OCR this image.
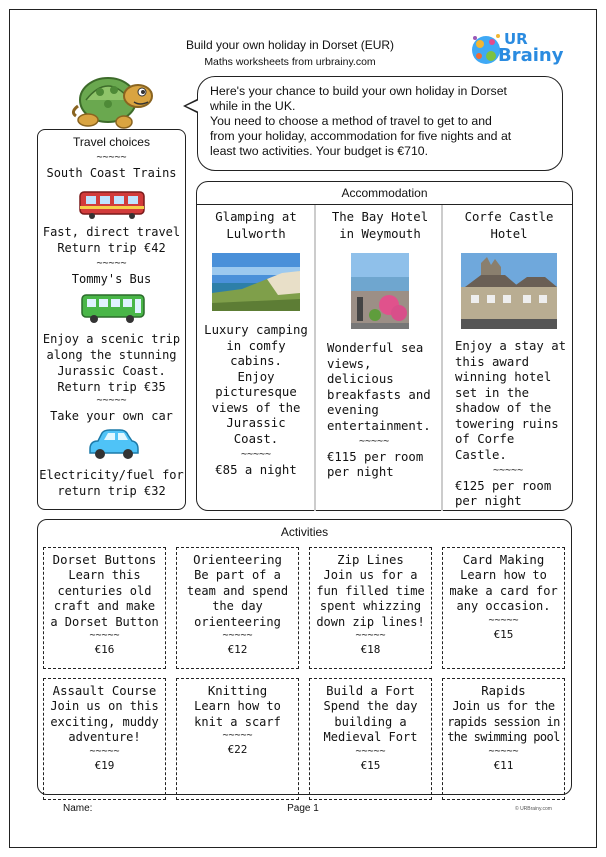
Build your own holiday in Dorset (EUR)
Maths worksheets from urbrainy.com
UR
Brainy
Here's your chance to build your own holiday in Dorset
while in the UK.
You need to choose a method of travel to get to and
from your holiday, accommodation for five nights and at
least two activities. Your budget is €710.
Travel choices
~~~~~
South Coast Trains
Fast, direct travel
Return trip €42
~~~~~
Tommy's Bus
Enjoy a scenic trip
along the stunning
Jurassic Coast.
Return trip €35
~~~~~
Take your own car
Electricity/fuel for
return trip €32
Accommodation
Glamping at
Lulworth
Luxury camping
in comfy cabins.
Enjoy
picturesque
views of the
Jurassic Coast.
~~~~~
€85 a night
The Bay Hotel
in Weymouth
Wonderful sea
views, delicious
breakfasts and
evening
entertainment.
~~~~~
€115 per room
per night
Corfe Castle
Hotel
Enjoy a stay at
this award
winning hotel
set in the
shadow of the
towering ruins
of Corfe Castle.
~~~~~
€125 per room
per night
Activities
Dorset Buttons
Learn this
centuries old
craft and make
a Dorset Button
~~~~~
€16
Orienteering
Be part of a
team and spend
the day
orienteering
~~~~~
€12
Zip Lines
Join us for a
fun filled time
spent whizzing
down zip lines!
~~~~~
€18
Card Making
Learn how to
make a card for
any occasion.
~~~~~
€15
Assault Course
Join us on this
exciting, muddy
adventure!
~~~~~
€19
Knitting
Learn how to
knit a scarf
~~~~~
€22
Build a Fort
Spend the day
building a
Medieval Fort
~~~~~
€15
Rapids
Join us for the
rapids session in
the swimming pool
~~~~~
€11
Name:	Page 1	© URBrainy.com
